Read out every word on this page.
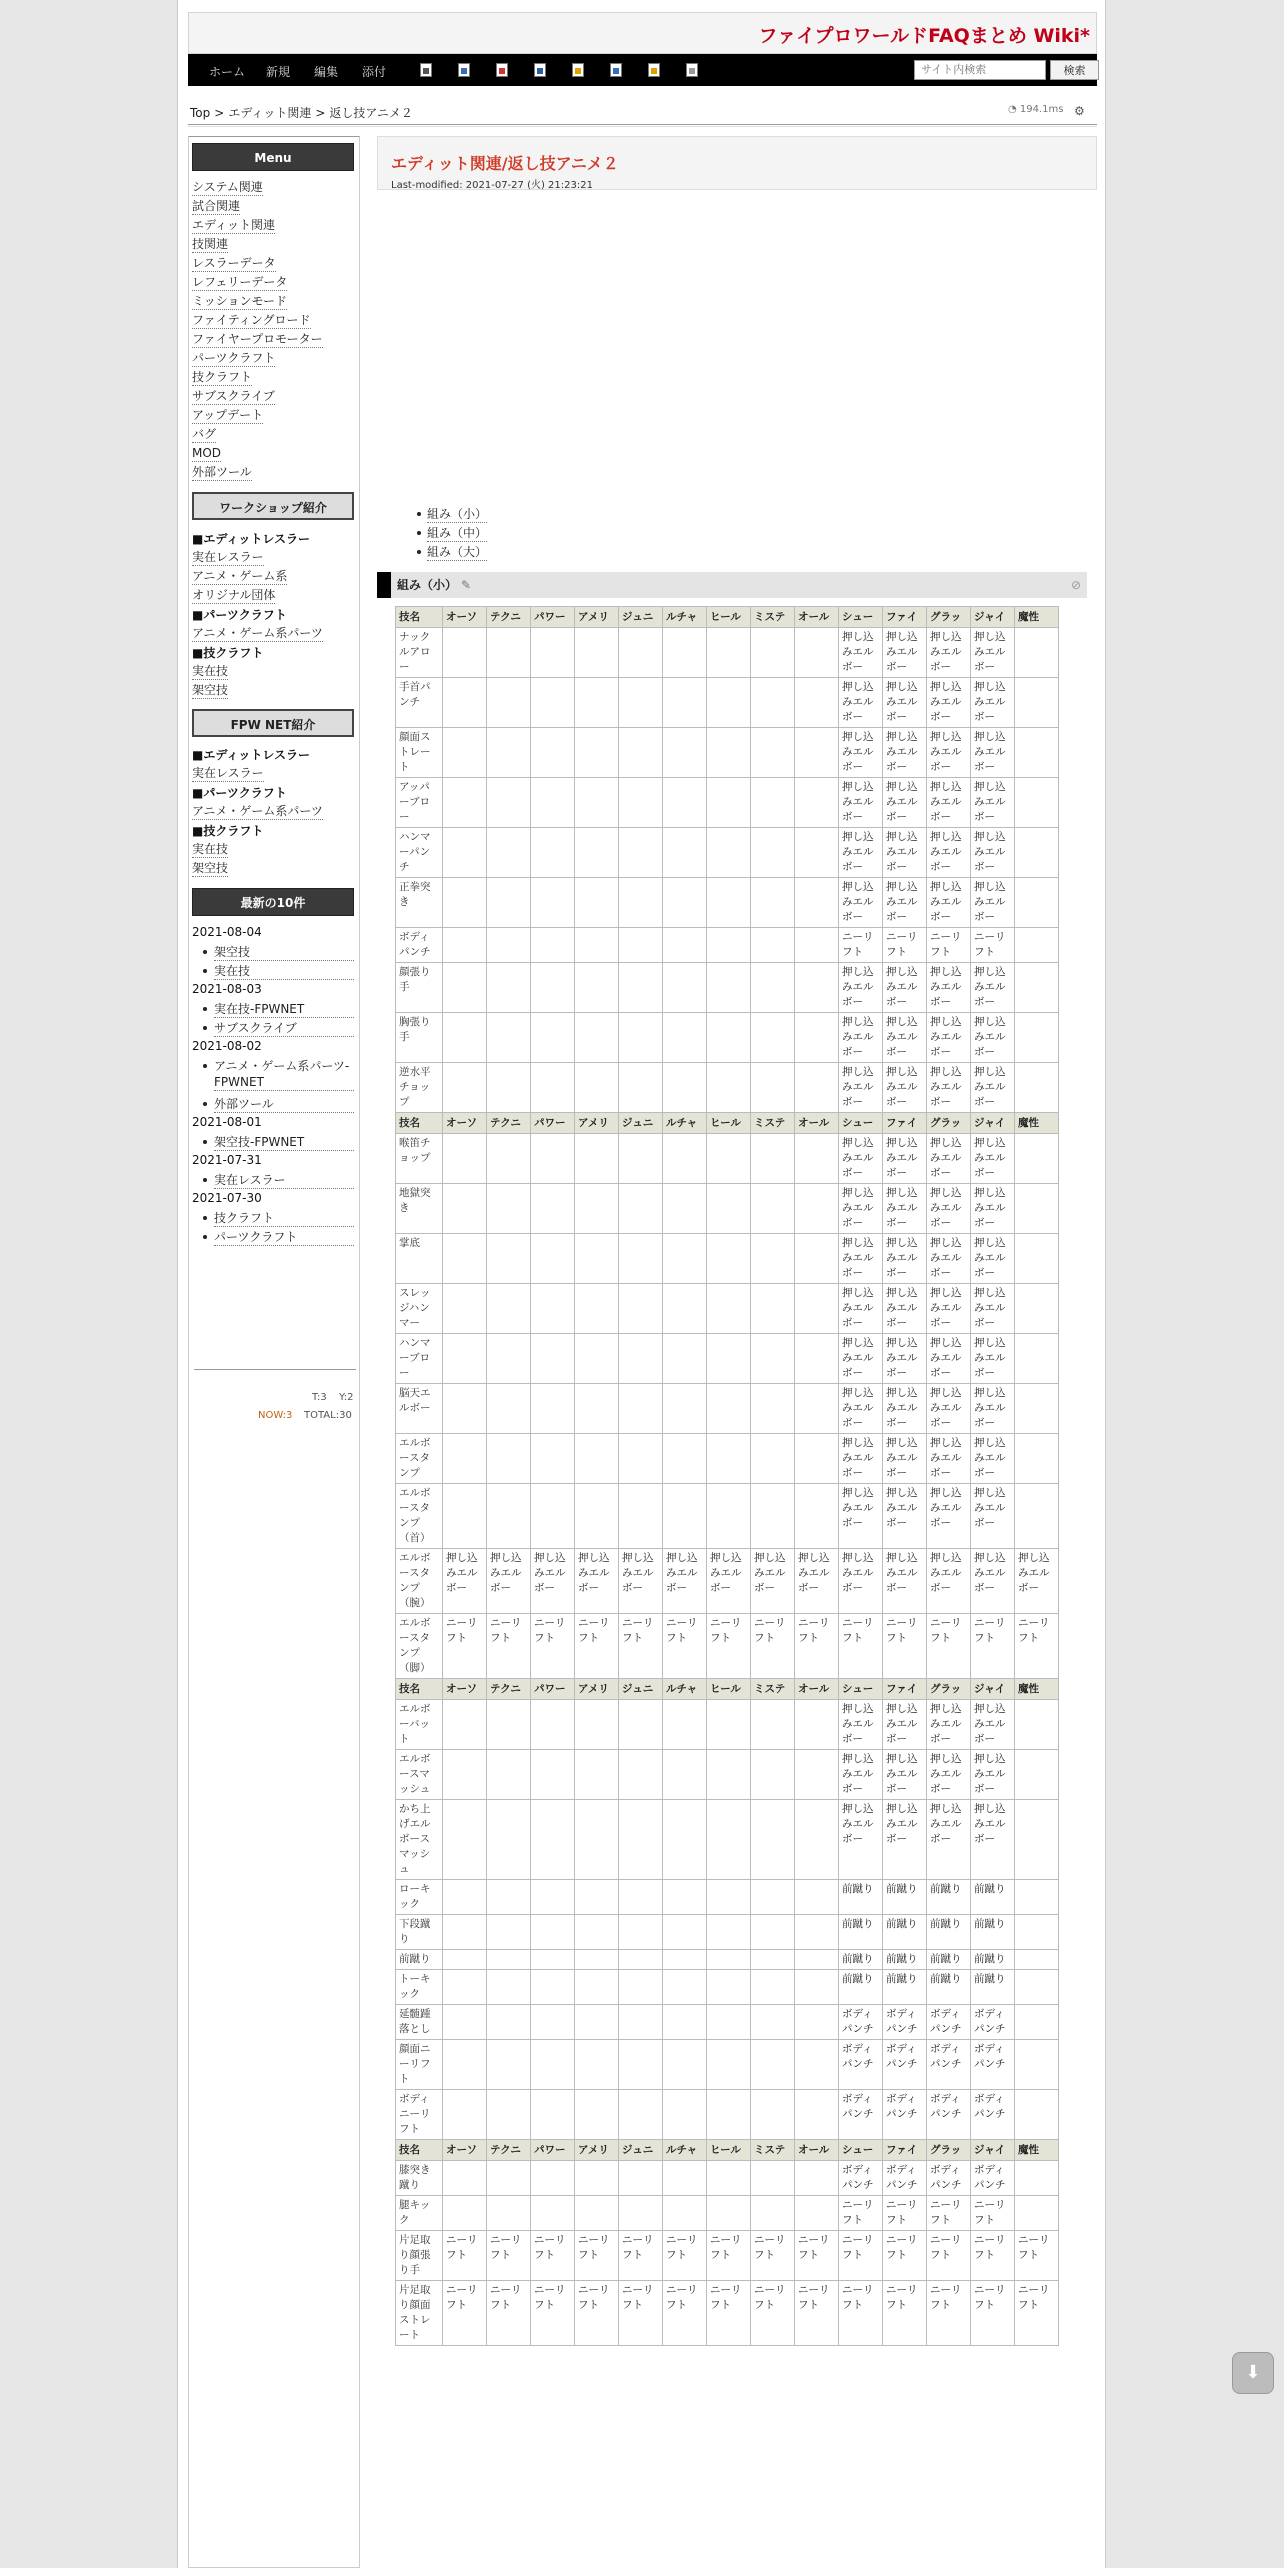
ファイプロワールドFAQまとめ Wiki*
ホーム 新規 編集 添付
サイト内検索	検索
Top > エディット関連 > 返し技アニメ２	◔ 194.1ms ⚙
Menu
システム関連
試合関連
エディット関連
技関連
レスラーデータ
レフェリーデータ
ミッションモード
ファイティングロード
ファイヤープロモーター
パーツクラフト
技クラフト
サブスクライブ
アップデート
バグ
MOD
外部ツール
ワークショップ紹介
■エディットレスラー
実在レスラー
アニメ・ゲーム系
オリジナル団体
■パーツクラフト
アニメ・ゲーム系パーツ
■技クラフト
実在技
架空技
FPW NET紹介
■エディットレスラー
実在レスラー
■パーツクラフト
アニメ・ゲーム系パーツ
■技クラフト
実在技
架空技
最新の10件
2021-08-04
架空技
実在技
2021-08-03
実在技-FPWNET
サブスクライブ
2021-08-02
アニメ・ゲーム系パーツ-FPWNET
外部ツール
2021-08-01
架空技-FPWNET
2021-07-31
実在レスラー
2021-07-30
技クラフト
パーツクラフト
T:3 Y:2
NOW:3 TOTAL:30
エディット関連/返し技アニメ２
Last-modified: 2021-07-27 (火) 21:23:21
組み（小）
組み（中）
組み（大）
組み（小） ✎	⊘
技名	オーソ	テクニ	パワー	アメリ	ジュニ	ルチャ	ヒール	ミステ	オール	シュー	ファイ	グラッ	ジャイ	魔性
ナックルアロー										押し込みエルボー	押し込みエルボー	押し込みエルボー	押し込みエルボー	
手首パンチ										押し込みエルボー	押し込みエルボー	押し込みエルボー	押し込みエルボー	
顔面ストレート										押し込みエルボー	押し込みエルボー	押し込みエルボー	押し込みエルボー	
アッパーブロー										押し込みエルボー	押し込みエルボー	押し込みエルボー	押し込みエルボー	
ハンマーパンチ										押し込みエルボー	押し込みエルボー	押し込みエルボー	押し込みエルボー	
正拳突き										押し込みエルボー	押し込みエルボー	押し込みエルボー	押し込みエルボー	
ボディパンチ										ニーリフト	ニーリフト	ニーリフト	ニーリフト	
顔張り手										押し込みエルボー	押し込みエルボー	押し込みエルボー	押し込みエルボー	
胸張り手										押し込みエルボー	押し込みエルボー	押し込みエルボー	押し込みエルボー	
逆水平チョップ										押し込みエルボー	押し込みエルボー	押し込みエルボー	押し込みエルボー	
技名	オーソ	テクニ	パワー	アメリ	ジュニ	ルチャ	ヒール	ミステ	オール	シュー	ファイ	グラッ	ジャイ	魔性
喉笛チョップ										押し込みエルボー	押し込みエルボー	押し込みエルボー	押し込みエルボー	
地獄突き										押し込みエルボー	押し込みエルボー	押し込みエルボー	押し込みエルボー	
掌底										押し込みエルボー	押し込みエルボー	押し込みエルボー	押し込みエルボー	
スレッジハンマー										押し込みエルボー	押し込みエルボー	押し込みエルボー	押し込みエルボー	
ハンマーブロー										押し込みエルボー	押し込みエルボー	押し込みエルボー	押し込みエルボー	
脳天エルボー										押し込みエルボー	押し込みエルボー	押し込みエルボー	押し込みエルボー	
エルボースタンプ										押し込みエルボー	押し込みエルボー	押し込みエルボー	押し込みエルボー	
エルボースタンプ（首）										押し込みエルボー	押し込みエルボー	押し込みエルボー	押し込みエルボー	
エルボースタンプ（腕）	押し込みエルボー	押し込みエルボー	押し込みエルボー	押し込みエルボー	押し込みエルボー	押し込みエルボー	押し込みエルボー	押し込みエルボー	押し込みエルボー	押し込みエルボー	押し込みエルボー	押し込みエルボー	押し込みエルボー	押し込みエルボー
エルボースタンプ（脚）	ニーリフト	ニーリフト	ニーリフト	ニーリフト	ニーリフト	ニーリフト	ニーリフト	ニーリフト	ニーリフト	ニーリフト	ニーリフト	ニーリフト	ニーリフト	ニーリフト
技名	オーソ	テクニ	パワー	アメリ	ジュニ	ルチャ	ヒール	ミステ	オール	シュー	ファイ	グラッ	ジャイ	魔性
エルボーバット										押し込みエルボー	押し込みエルボー	押し込みエルボー	押し込みエルボー	
エルボースマッシュ										押し込みエルボー	押し込みエルボー	押し込みエルボー	押し込みエルボー	
かち上げエルボースマッシュ										押し込みエルボー	押し込みエルボー	押し込みエルボー	押し込みエルボー	
ローキック										前蹴り	前蹴り	前蹴り	前蹴り	
下段蹴り										前蹴り	前蹴り	前蹴り	前蹴り	
前蹴り										前蹴り	前蹴り	前蹴り	前蹴り	
トーキック										前蹴り	前蹴り	前蹴り	前蹴り	
延髄踵落とし										ボディパンチ	ボディパンチ	ボディパンチ	ボディパンチ	
顔面ニーリフト										ボディパンチ	ボディパンチ	ボディパンチ	ボディパンチ	
ボディニーリフト										ボディパンチ	ボディパンチ	ボディパンチ	ボディパンチ	
技名	オーソ	テクニ	パワー	アメリ	ジュニ	ルチャ	ヒール	ミステ	オール	シュー	ファイ	グラッ	ジャイ	魔性
膝突き蹴り										ボディパンチ	ボディパンチ	ボディパンチ	ボディパンチ	
腿キック										ニーリフト	ニーリフト	ニーリフト	ニーリフト	
片足取り顔張り手	ニーリフト	ニーリフト	ニーリフト	ニーリフト	ニーリフト	ニーリフト	ニーリフト	ニーリフト	ニーリフト	ニーリフト	ニーリフト	ニーリフト	ニーリフト	ニーリフト
片足取り顔面ストレート	ニーリフト	ニーリフト	ニーリフト	ニーリフト	ニーリフト	ニーリフト	ニーリフト	ニーリフト	ニーリフト	ニーリフト	ニーリフト	ニーリフト	ニーリフト	ニーリフト
⬇
